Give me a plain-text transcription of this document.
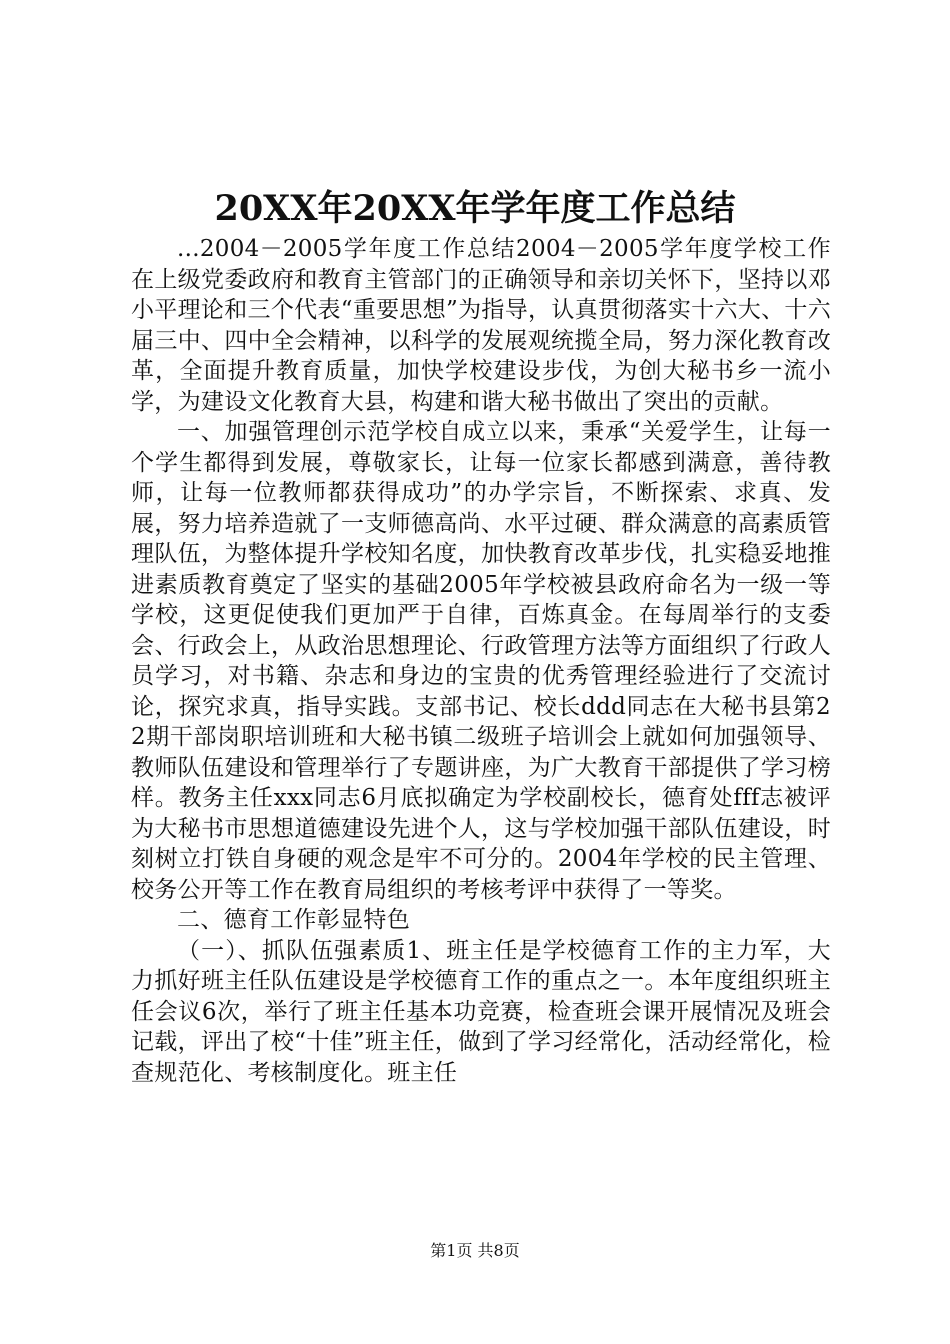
20XX年20XX年学年度工作总结

...2004－2005学年度工作总结2004－2005学年度学校工作在上级党委政府和教育主管部门的正确领导和亲切关怀下，坚持以邓小平理论和三个代表“重要思想”为指导，认真贯彻落实十六大、十六届三中、四中全会精神，以科学的发展观统揽全局，努力深化教育改革，全面提升教育质量，加快学校建设步伐，为创大秘书乡一流小学，为建设文化教育大县，构建和谐大秘书做出了突出的贡献。

一、加强管理创示范学校自成立以来，秉承“关爱学生，让每一个学生都得到发展，尊敬家长，让每一位家长都感到满意，善待教师，让每一位教师都获得成功”的办学宗旨，不断探索、求真、发展，努力培养造就了一支师德高尚、水平过硬、群众满意的高素质管理队伍，为整体提升学校知名度，加快教育改革步伐，扎实稳妥地推进素质教育奠定了坚实的基础2005年学校被县政府命名为一级一等学校，这更促使我们更加严于自律，百炼真金。在每周举行的支委会、行政会上，从政治思想理论、行政管理方法等方面组织了行政人员学习，对书籍、杂志和身边的宝贵的优秀管理经验进行了交流讨论，探究求真，指导实践。支部书记、校长ddd同志在大秘书县第22期干部岗职培训班和大秘书镇二级班子培训会上就如何加强领导、教师队伍建设和管理举行了专题讲座，为广大教育干部提供了学习榜样。教务主任xxx同志6月底拟确定为学校副校长，德育处fff志被评为大秘书市思想道德建设先进个人，这与学校加强干部队伍建设，时刻树立打铁自身硬的观念是牢不可分的。2004年学校的民主管理、校务公开等工作在教育局组织的考核考评中获得了一等奖。

二、德育工作彰显特色

（一）、抓队伍强素质1、班主任是学校德育工作的主力军，大力抓好班主任队伍建设是学校德育工作的重点之一。本年度组织班主任会议6次，举行了班主任基本功竞赛，检查班会课开展情况及班会记载，评出了校“十佳”班主任，做到了学习经常化，活动经常化，检查规范化、考核制度化。班主任

第1页 共8页
